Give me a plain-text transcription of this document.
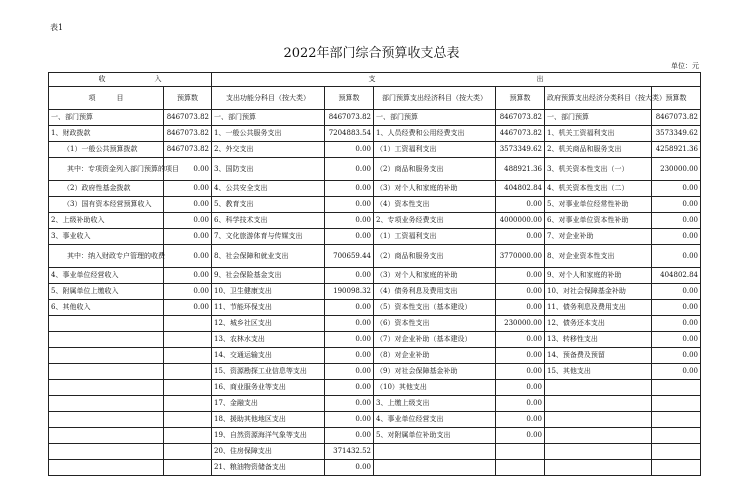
表1
2022年部门综合预算收支总表
单位：元
收　　　　　　　入		支　　　　　　　　　　　　　　　　　　　　　　　出					
项　　　目	预算数	支出功能分科目（按大类）	预算数	部门预算支出经济科目（按大类）	预算数	政府预算支出经济分类科目（按大类）	预算数
一、部门预算	8467073.82	一、部门预算	8467073.82	一、部门预算	8467073.82	一、部门预算	8467073.82
1、财政拨款	8467073.82	1、一般公共服务支出	7204883.54	1、人员经费和公用经费支出	4467073.82	1、机关工资福利支出	3573349.62
（1）一般公共预算拨款	8467073.82	2、外交支出	0.00	（1）工资福利支出	3573349.62	2、机关商品和服务支出	4258921.36
其中：专项资金列入部门预算的项目	0.00	3、国防支出	0.00	（2）商品和服务支出	488921.36	3、机关资本性支出（一）	230000.00
（2）政府性基金拨款	0.00	4、公共安全支出	0.00	（3）对个人和家庭的补助	404802.84	4、机关资本性支出（二）	0.00
（3）国有资本经营预算收入	0.00	5、教育支出	0.00	（4）资本性支出	0.00	5、对事业单位经常性补助	0.00
2、上级补助收入	0.00	6、科学技术支出	0.00	2、专项业务经费支出	4000000.00	6、对事业单位资本性补助	0.00
3、事业收入	0.00	7、文化旅游体育与传媒支出	0.00	（1）工资福利支出	0.00	7、对企业补助	0.00
其中：纳入财政专户管理的收费	0.00	8、社会保障和就业支出	700659.44	（2）商品和服务支出	3770000.00	8、对企业资本性支出	0.00
4、事业单位经营收入	0.00	9、社会保险基金支出	0.00	（3）对个人和家庭的补助	0.00	9、对个人和家庭的补助	404802.84
5、附属单位上缴收入	0.00	10、卫生健康支出	190098.32	（4）债务利息及费用支出	0.00	10、对社会保障基金补助	0.00
6、其他收入	0.00	11、节能环保支出	0.00	（5）资本性支出（基本建设）	0.00	11、债务利息及费用支出	0.00
		12、城乡社区支出	0.00	（6）资本性支出	230000.00	12、债务还本支出	0.00
		13、农林水支出	0.00	（7）对企业补助（基本建设）	0.00	13、转移性支出	0.00
		14、交通运输支出	0.00	（8）对企业补助	0.00	14、预备费及预留	0.00
		15、资源勘探工业信息等支出	0.00	（9）对社会保障基金补助	0.00	15、其他支出	0.00
		16、商业服务业等支出	0.00	（10）其他支出	0.00		
		17、金融支出	0.00	3、上缴上级支出	0.00		
		18、援助其他地区支出	0.00	4、事业单位经营支出	0.00		
		19、自然资源海洋气象等支出	0.00	5、对附属单位补助支出	0.00		
		20、住房保障支出	371432.52				
		21、粮油物资储备支出	0.00				
